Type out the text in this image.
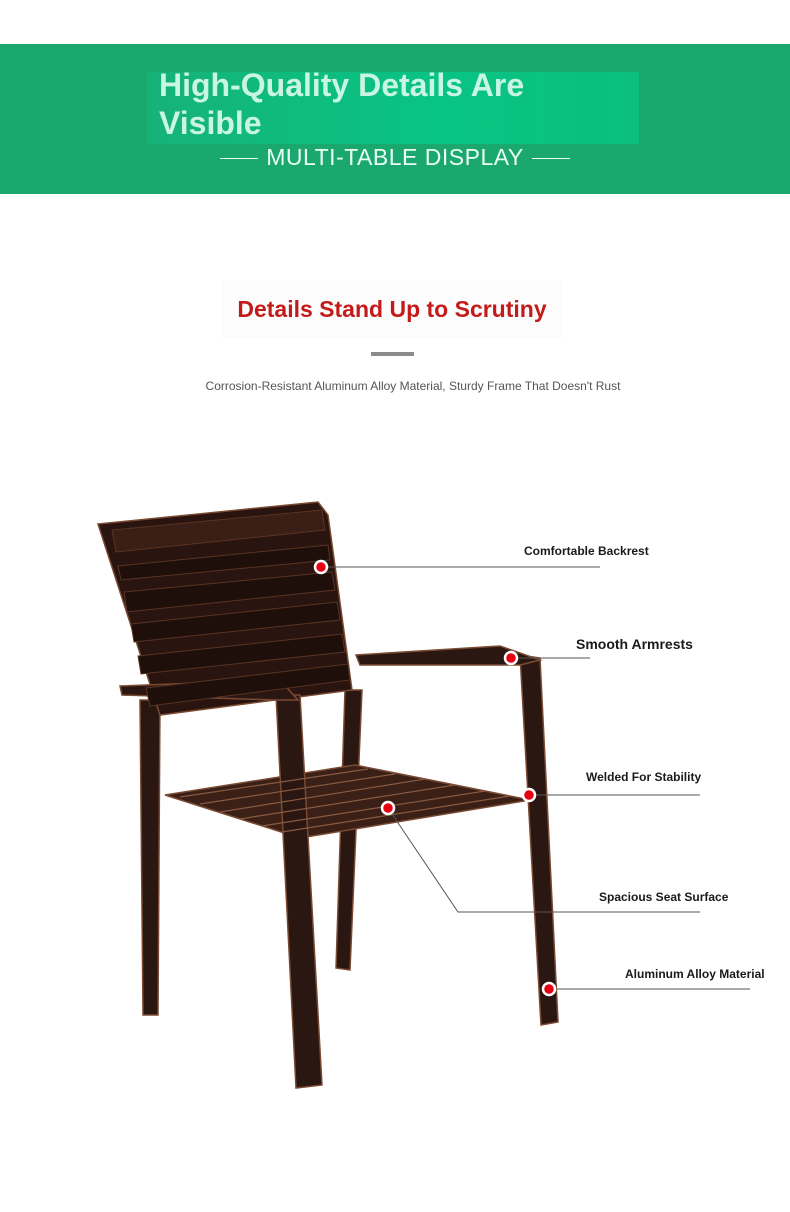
High-Quality Details Are Visible
MULTI-TABLE DISPLAY
Details Stand Up to Scrutiny
Corrosion-Resistant Aluminum Alloy Material, Sturdy Frame That Doesn't Rust
Comfortable Backrest
Smooth Armrests
Welded For Stability
Spacious Seat Surface
Aluminum Alloy Material
